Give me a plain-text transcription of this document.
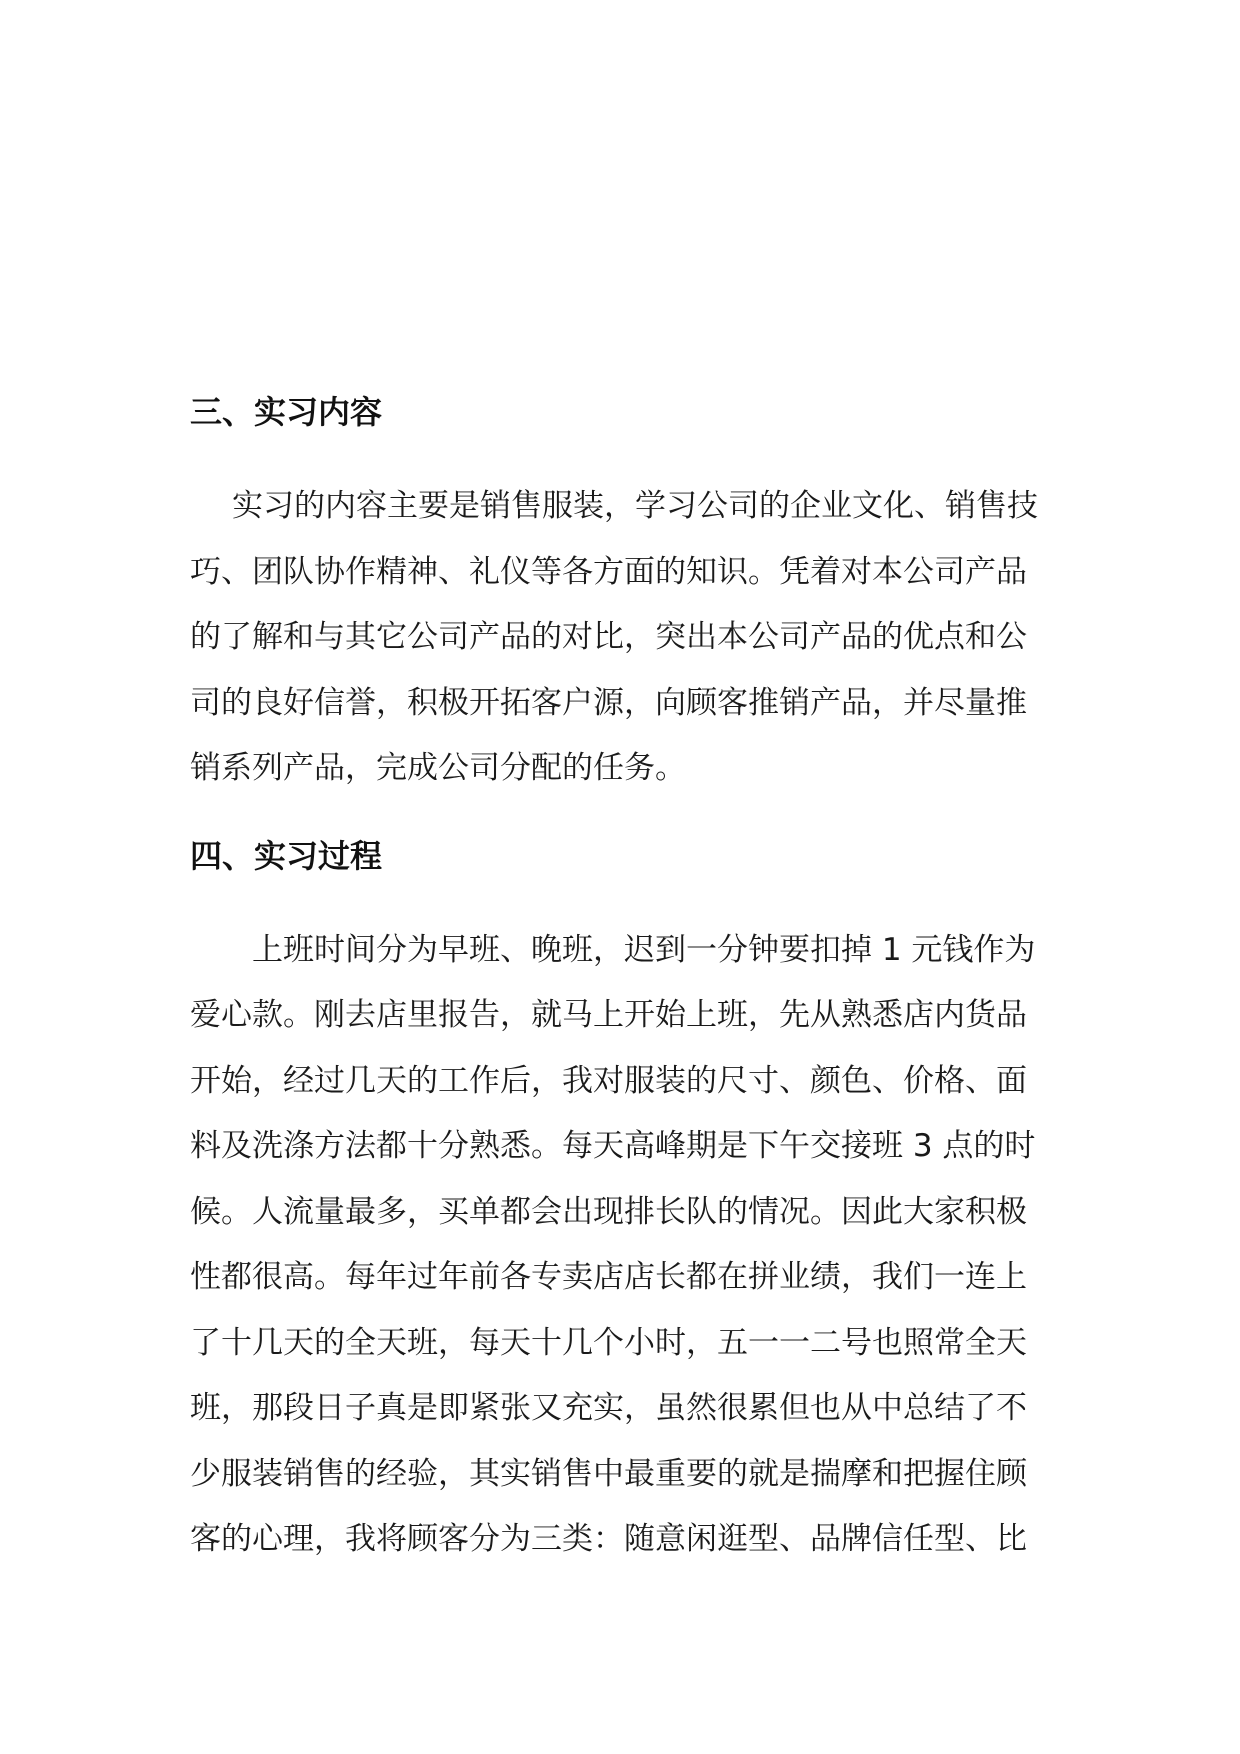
三、实习内容

实习的内容主要是销售服装，学习公司的企业文化、销售技
巧、团队协作精神、礼仪等各方面的知识。凭着对本公司产品
的了解和与其它公司产品的对比，突出本公司产品的优点和公
司的良好信誉，积极开拓客户源，向顾客推销产品，并尽量推
销系列产品，完成公司分配的任务。

四、实习过程

上班时间分为早班、晚班，迟到一分钟要扣掉 1 元钱作为
爱心款。刚去店里报告，就马上开始上班，先从熟悉店内货品
开始，经过几天的工作后，我对服装的尺寸、颜色、价格、面
料及洗涤方法都十分熟悉。每天高峰期是下午交接班 3 点的时
候。人流量最多，买单都会出现排长队的情况。因此大家积极
性都很高。每年过年前各专卖店店长都在拼业绩，我们一连上
了十几天的全天班，每天十几个小时，五一一二号也照常全天
班，那段日子真是即紧张又充实，虽然很累但也从中总结了不
少服装销售的经验，其实销售中最重要的就是揣摩和把握住顾
客的心理，我将顾客分为三类：随意闲逛型、品牌信任型、比
